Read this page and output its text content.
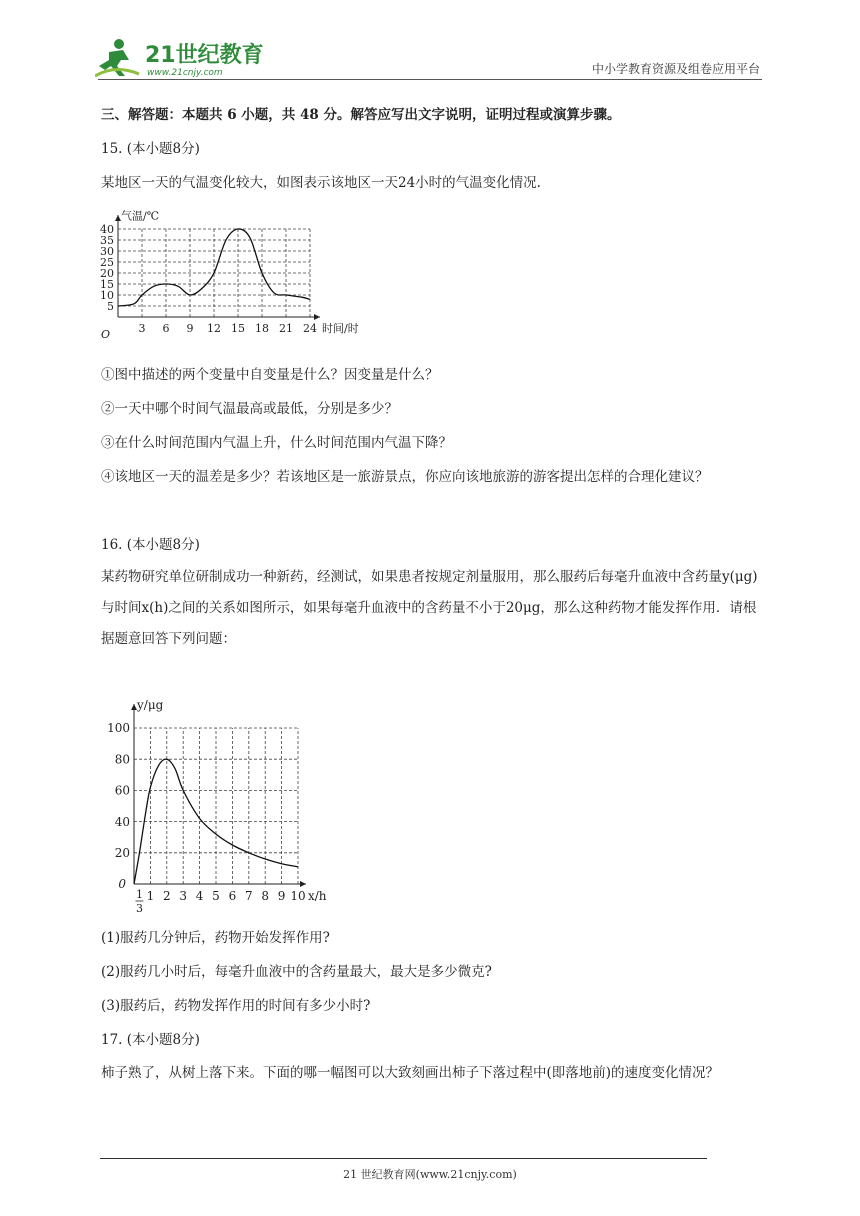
21世纪教育
www.21cnjy.com	中小学教育资源及组卷应用平台
三、解答题：本题共 6 小题，共 48 分。解答应写出文字说明，证明过程或演算步骤。
15. (本小题8分)
某地区一天的气温变化较大，如图表示该地区一天24小时的气温变化情况.
5
10
15
20
25
30
35
40
3 6 9 12 15 18 21 24
气温/℃
时间/时
O
①图中描述的两个变量中自变量是什么？因变量是什么？
②一天中哪个时间气温最高或最低，分别是多少？
③在什么时间范围内气温上升，什么时间范围内气温下降？
④该地区一天的温差是多少？若该地区是一旅游景点，你应向该地旅游的游客提出怎样的合理化建议？
16. (本小题8分)
某药物研究单位研制成功一种新药，经测试，如果患者按规定剂量服用，那么服药后每毫升血液中含药量y(μg)与时间x(h)之间的关系如图所示，如果每毫升血液中的含药量不小于20μg，那么这种药物才能发挥作用．请根据题意回答下列问题：
20
40
60
80
100
1 2 3 4 5 6 7 8 9 10
y/μg
x/h
0
1
3
(1)服药几分钟后，药物开始发挥作用?
(2)服药几小时后，每毫升血液中的含药量最大，最大是多少微克?
(3)服药后，药物发挥作用的时间有多少小时?
17. (本小题8分)
柿子熟了，从树上落下来。下面的哪一幅图可以大致刻画出柿子下落过程中(即落地前)的速度变化情况？
21 世纪教育网(www.21cnjy.com)
